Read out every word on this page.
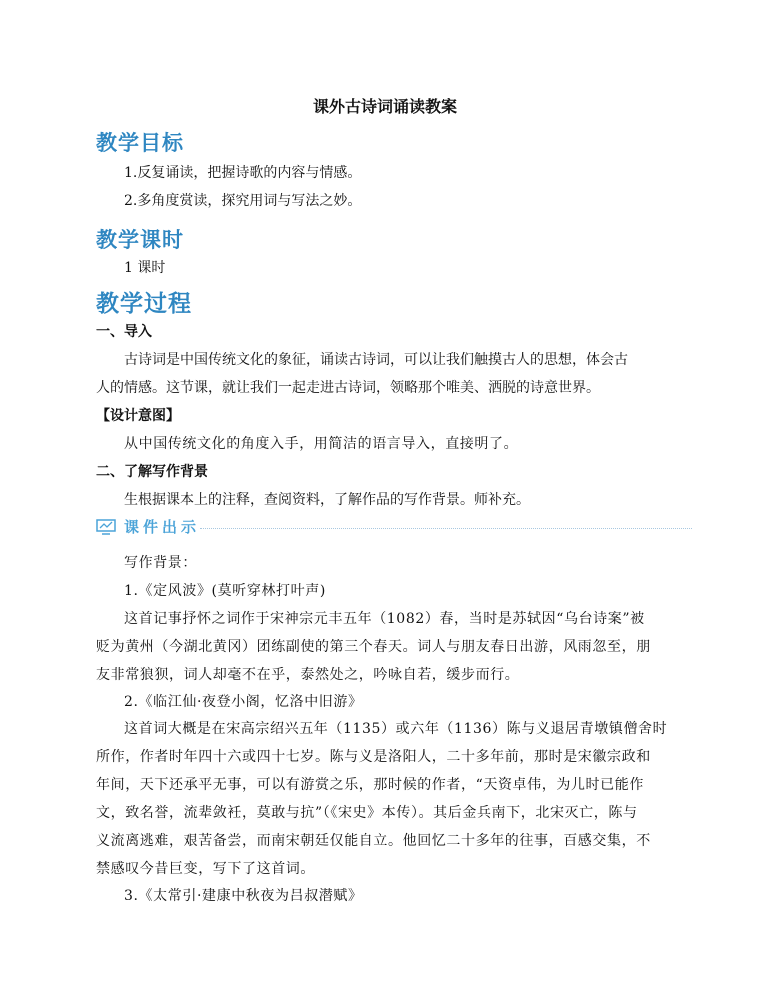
课外古诗词诵读教案
教学目标
1.反复诵读，把握诗歌的内容与情感。
2.多角度赏读，探究用词与写法之妙。
教学课时
1 课时
教学过程
一、导入
古诗词是中国传统文化的象征，诵读古诗词，可以让我们触摸古人的思想，体会古
人的情感。这节课，就让我们一起走进古诗词，领略那个唯美、洒脱的诗意世界。
【设计意图】
从中国传统文化的角度入手，用简洁的语言导入，直接明了。
二、了解写作背景
生根据课本上的注释，查阅资料，了解作品的写作背景。师补充。
课件出示
写作背景：
1.《定风波》(莫听穿林打叶声)
这首记事抒怀之词作于宋神宗元丰五年（1082）春，当时是苏轼因“乌台诗案”被
贬为黄州（今湖北黄冈）团练副使的第三个春天。词人与朋友春日出游，风雨忽至，朋
友非常狼狈，词人却毫不在乎，泰然处之，吟咏自若，缓步而行。
2.《临江仙·夜登小阁，忆洛中旧游》
这首词大概是在宋高宗绍兴五年（1135）或六年（1136）陈与义退居青墩镇僧舍时
所作，作者时年四十六或四十七岁。陈与义是洛阳人，二十多年前，那时是宋徽宗政和
年间，天下还承平无事，可以有游赏之乐，那时候的作者，“天资卓伟，为儿时已能作
文，致名誉，流辈敛衽，莫敢与抗”（《宋史》本传）。其后金兵南下，北宋灭亡，陈与
义流离逃难，艰苦备尝，而南宋朝廷仅能自立。他回忆二十多年的往事，百感交集，不
禁感叹今昔巨变，写下了这首词。
3.《太常引·建康中秋夜为吕叔潜赋》
